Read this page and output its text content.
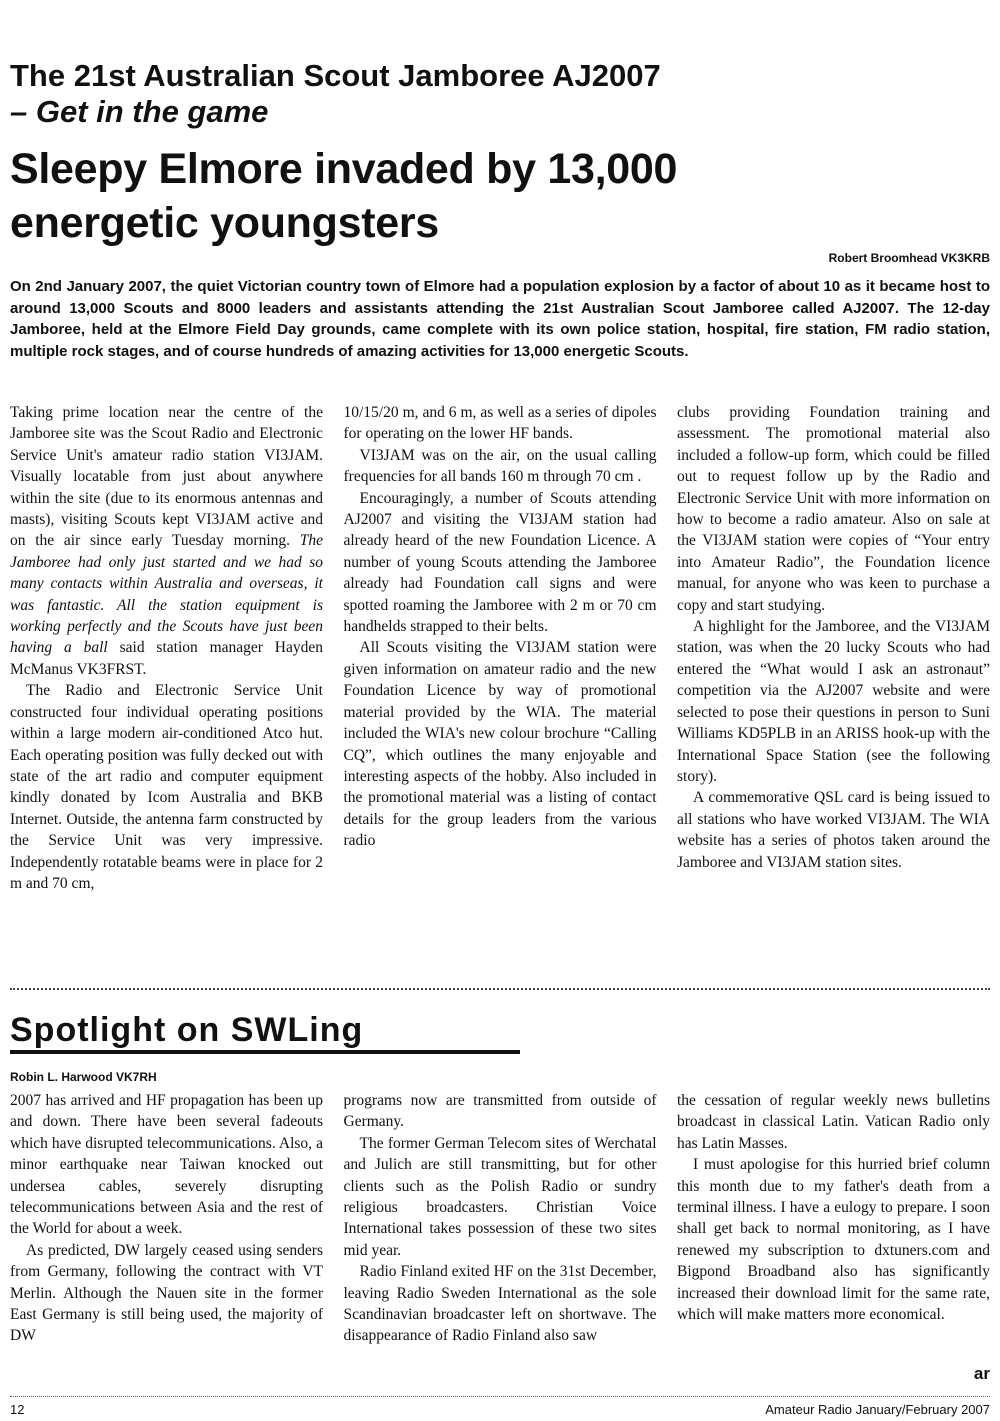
The 21st Australian Scout Jamboree AJ2007
– Get in the game
Sleepy Elmore invaded by 13,000
energetic youngsters
Robert Broomhead VK3KRB

On 2nd January 2007, the quiet Victorian country town of Elmore had a population explosion by a factor of about 10 as it became host to around 13,000 Scouts and 8000 leaders and assistants attending the 21st Australian Scout Jamboree called AJ2007. The 12-day Jamboree, held at the Elmore Field Day grounds, came complete with its own police station, hospital, fire station, FM radio station, multiple rock stages, and of course hundreds of amazing activities for 13,000 energetic Scouts.

Taking prime location near the centre of the Jamboree site was the Scout Radio and Electronic Service Unit's amateur radio station VI3JAM. Visually locatable from just about anywhere within the site (due to its enormous antennas and masts), visiting Scouts kept VI3JAM active and on the air since early Tuesday morning. The Jamboree had only just started and we had so many contacts within Australia and overseas, it was fantastic. All the station equipment is working perfectly and the Scouts have just been having a ball said station manager Hayden McManus VK3FRST.

The Radio and Electronic Service Unit constructed four individual operating positions within a large modern air-conditioned Atco hut. Each operating position was fully decked out with state of the art radio and computer equipment kindly donated by Icom Australia and BKB Internet. Outside, the antenna farm constructed by the Service Unit was very impressive. Independently rotatable beams were in place for 2 m and 70 cm,

10/15/20 m, and 6 m, as well as a series of dipoles for operating on the lower HF bands.

VI3JAM was on the air, on the usual calling frequencies for all bands 160 m through 70 cm .

Encouragingly, a number of Scouts attending AJ2007 and visiting the VI3JAM station had already heard of the new Foundation Licence. A number of young Scouts attending the Jamboree already had Foundation call signs and were spotted roaming the Jamboree with 2 m or 70 cm handhelds strapped to their belts.

All Scouts visiting the VI3JAM station were given information on amateur radio and the new Foundation Licence by way of promotional material provided by the WIA. The material included the WIA's new colour brochure “Calling CQ”, which outlines the many enjoyable and interesting aspects of the hobby. Also included in the promotional material was a listing of contact details for the group leaders from the various radio

clubs providing Foundation training and assessment. The promotional material also included a follow-up form, which could be filled out to request follow up by the Radio and Electronic Service Unit with more information on how to become a radio amateur. Also on sale at the VI3JAM station were copies of “Your entry into Amateur Radio”, the Foundation licence manual, for anyone who was keen to purchase a copy and start studying.

A highlight for the Jamboree, and the VI3JAM station, was when the 20 lucky Scouts who had entered the “What would I ask an astronaut” competition via the AJ2007 website and were selected to pose their questions in person to Suni Williams KD5PLB in an ARISS hook-up with the International Space Station (see the following story).

A commemorative QSL card is being issued to all stations who have worked VI3JAM. The WIA website has a series of photos taken around the Jamboree and VI3JAM station sites.

Spotlight on SWLing
Robin L. Harwood VK7RH

2007 has arrived and HF propagation has been up and down. There have been several fadeouts which have disrupted telecommunications. Also, a minor earthquake near Taiwan knocked out undersea cables, severely disrupting telecommunications between Asia and the rest of the World for about a week.

As predicted, DW largely ceased using senders from Germany, following the contract with VT Merlin. Although the Nauen site in the former East Germany is still being used, the majority of DW

programs now are transmitted from outside of Germany.

The former German Telecom sites of Werchatal and Julich are still transmitting, but for other clients such as the Polish Radio or sundry religious broadcasters. Christian Voice International takes possession of these two sites mid year.

Radio Finland exited HF on the 31st December, leaving Radio Sweden International as the sole Scandinavian broadcaster left on shortwave. The disappearance of Radio Finland also saw

the cessation of regular weekly news bulletins broadcast in classical Latin. Vatican Radio only has Latin Masses.

I must apologise for this hurried brief column this month due to my father's death from a terminal illness. I have a eulogy to prepare. I soon shall get back to normal monitoring, as I have renewed my subscription to dxtuners.com and Bigpond Broadband also has significantly increased their download limit for the same rate, which will make matters more economical.

ar
12	Amateur Radio January/February 2007
